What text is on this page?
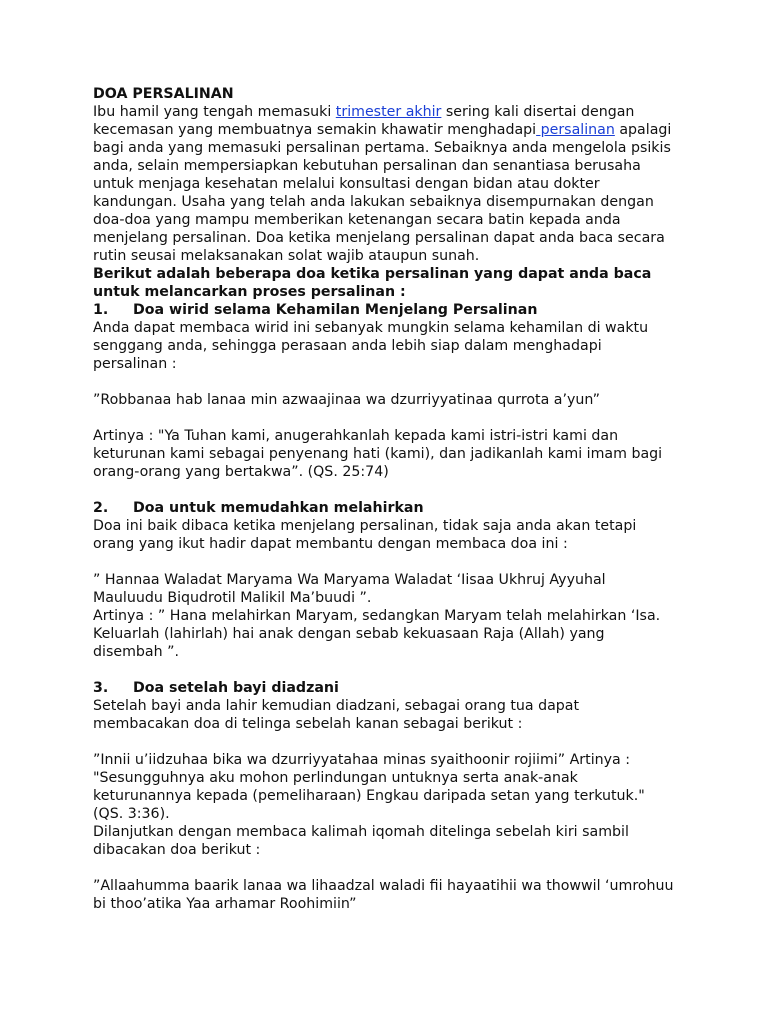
DOA PERSALINAN
Ibu hamil yang tengah memasuki trimester akhir sering kali disertai dengan
kecemasan yang membuatnya semakin khawatir menghadapi persalinan apalagi
bagi anda yang memasuki persalinan pertama. Sebaiknya anda mengelola psikis
anda, selain mempersiapkan kebutuhan persalinan dan senantiasa berusaha
untuk menjaga kesehatan melalui konsultasi dengan bidan atau dokter
kandungan. Usaha yang telah anda lakukan sebaiknya disempurnakan dengan
doa-doa yang mampu memberikan ketenangan secara batin kepada anda
menjelang persalinan. Doa ketika menjelang persalinan dapat anda baca secara
rutin seusai melaksanakan solat wajib ataupun sunah.
Berikut adalah beberapa doa ketika persalinan yang dapat anda baca
untuk melancarkan proses persalinan :
1. Doa wirid selama Kehamilan Menjelang Persalinan
Anda dapat membaca wirid ini sebanyak mungkin selama kehamilan di waktu
senggang anda, sehingga perasaan anda lebih siap dalam menghadapi
persalinan :
”Robbanaa hab lanaa min azwaajinaa wa dzurriyyatinaa qurrota a’yun”
Artinya : "Ya Tuhan kami, anugerahkanlah kepada kami istri-istri kami dan
keturunan kami sebagai penyenang hati (kami), dan jadikanlah kami imam bagi
orang-orang yang bertakwa”. (QS. 25:74)
2. Doa untuk memudahkan melahirkan
Doa ini baik dibaca ketika menjelang persalinan, tidak saja anda akan tetapi
orang yang ikut hadir dapat membantu dengan membaca doa ini :
” Hannaa Waladat Maryama Wa Maryama Waladat ‘Iisaa Ukhruj Ayyuhal
Mauluudu Biqudrotil Malikil Ma’buudi ”.
Artinya : ” Hana melahirkan Maryam, sedangkan Maryam telah melahirkan ‘Isa.
Keluarlah (lahirlah) hai anak dengan sebab kekuasaan Raja (Allah) yang
disembah ”.
3. Doa setelah bayi diadzani
Setelah bayi anda lahir kemudian diadzani, sebagai orang tua dapat
membacakan doa di telinga sebelah kanan sebagai berikut :
”Innii u’iidzuhaa bika wa dzurriyyatahaa minas syaithoonir rojiimi” Artinya :
"Sesungguhnya aku mohon perlindungan untuknya serta anak-anak
keturunannya kepada (pemeliharaan) Engkau daripada setan yang terkutuk."
(QS. 3:36).
Dilanjutkan dengan membaca kalimah iqomah ditelinga sebelah kiri sambil
dibacakan doa berikut :
”Allaahumma baarik lanaa wa lihaadzal waladi fii hayaatihii wa thowwil ‘umrohuu
bi thoo’atika Yaa arhamar Roohimiin”
